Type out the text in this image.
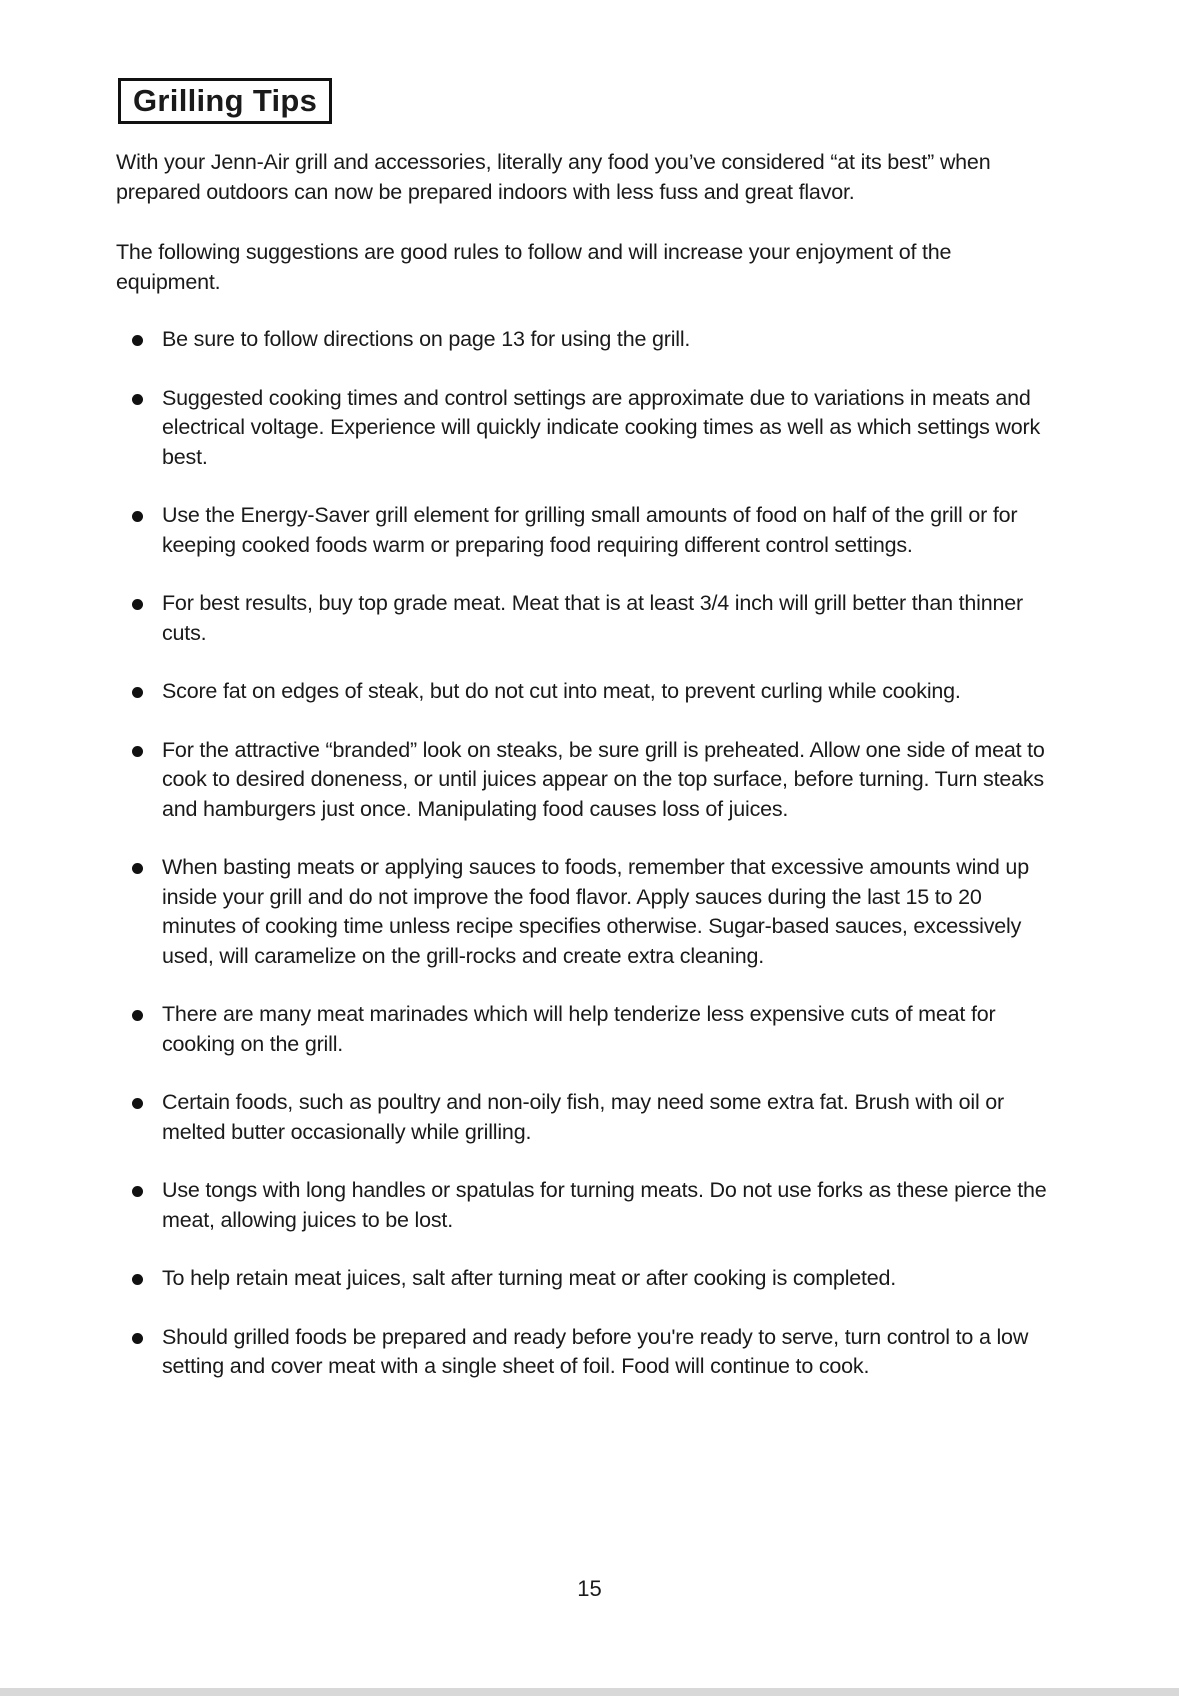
Grilling Tips

With your Jenn-Air grill and accessories, literally any food you’ve considered “at its best” when prepared outdoors can now be prepared indoors with less fuss and great flavor.

The following suggestions are good rules to follow and will increase your enjoyment of the equipment.

Be sure to follow directions on page 13 for using the grill.
Suggested cooking times and control settings are approximate due to variations in meats and electrical voltage. Experience will quickly indicate cooking times as well as which settings work best.
Use the Energy-Saver grill element for grilling small amounts of food on half of the grill or for keeping cooked foods warm or preparing food requiring different control settings.
For best results, buy top grade meat. Meat that is at least 3/4 inch will grill better than thinner cuts.
Score fat on edges of steak, but do not cut into meat, to prevent curling while cooking.
For the attractive “branded” look on steaks, be sure grill is preheated. Allow one side of meat to cook to desired doneness, or until juices appear on the top surface, before turning. Turn steaks and hamburgers just once. Manipulating food causes loss of juices.
When basting meats or applying sauces to foods, remember that excessive amounts wind up inside your grill and do not improve the food flavor. Apply sauces during the last 15 to 20 minutes of cooking time unless recipe specifies otherwise. Sugar-based sauces, excessively used, will caramelize on the grill-rocks and create extra cleaning.
There are many meat marinades which will help tenderize less expensive cuts of meat for cooking on the grill.
Certain foods, such as poultry and non-oily fish, may need some extra fat. Brush with oil or melted butter occasionally while grilling.
Use tongs with long handles or spatulas for turning meats. Do not use forks as these pierce the meat, allowing juices to be lost.
To help retain meat juices, salt after turning meat or after cooking is completed.
Should grilled foods be prepared and ready before you're ready to serve, turn control to a low setting and cover meat with a single sheet of foil. Food will continue to cook.
15
